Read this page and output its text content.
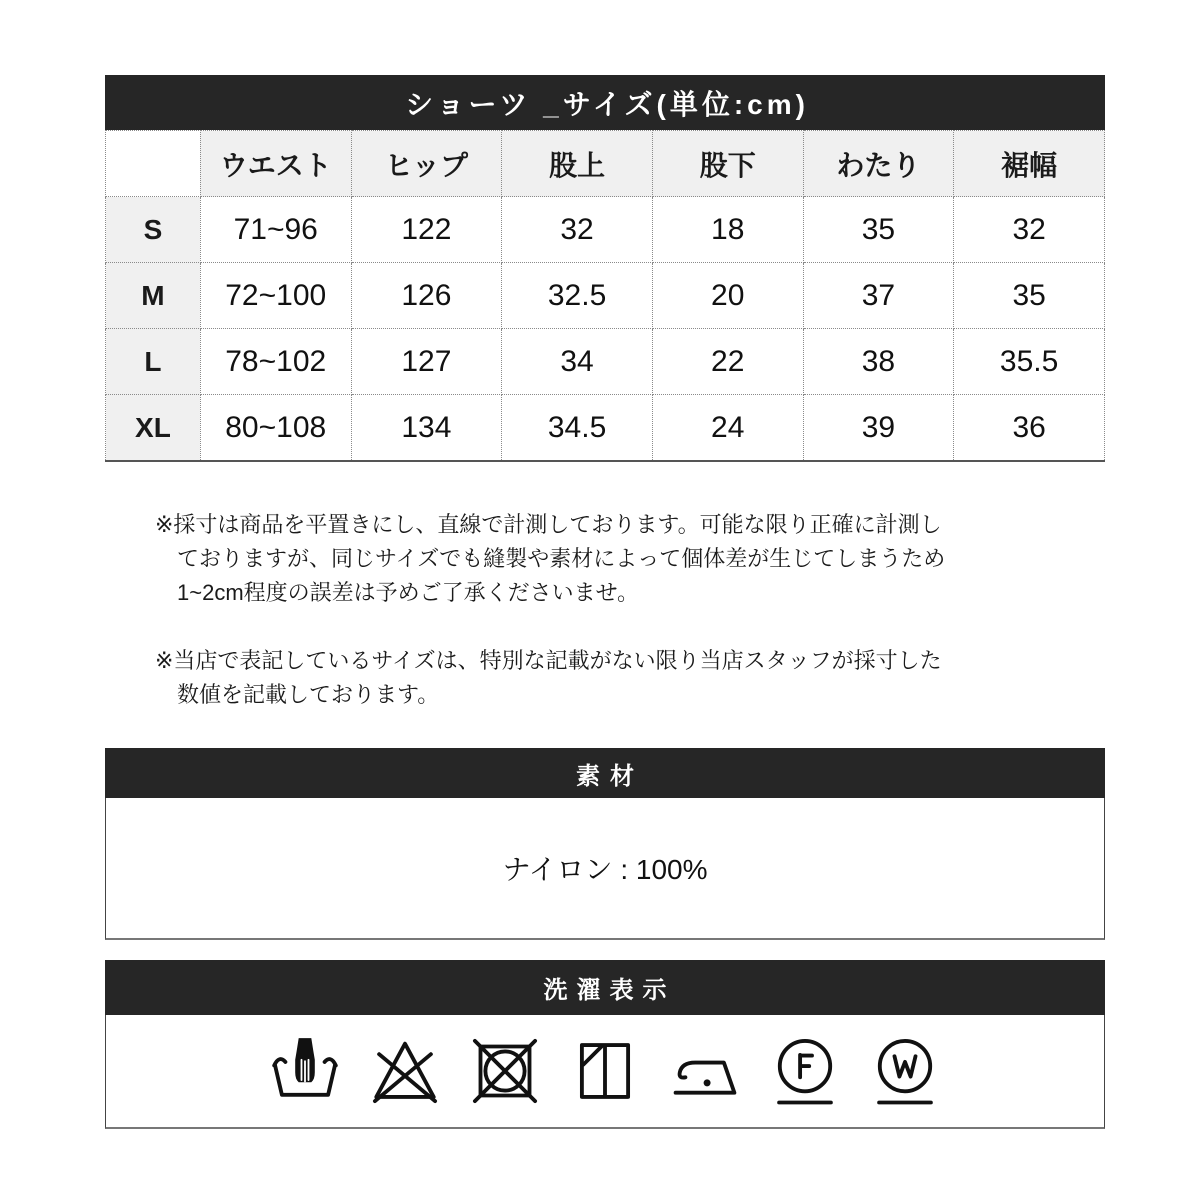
ショーツ _サイズ(単位:cm)
	ウエスト	ヒップ	股上	股下	わたり	裾幅
S	71~96	122	32	18	35	32
M	72~100	126	32.5	20	37	35
L	78~102	127	34	22	38	35.5
XL	80~108	134	34.5	24	39	36
※採寸は商品を平置きにし、直線で計測しております。可能な限り正確に計測し
ておりますが、同じサイズでも縫製や素材によって個体差が生じてしまうため
1~2cm程度の誤差は予めご了承くださいませ。
※当店で表記しているサイズは、特別な記載がない限り当店スタッフが採寸した
数値を記載しております。
素材
ナイロン : 100%
洗濯表示
